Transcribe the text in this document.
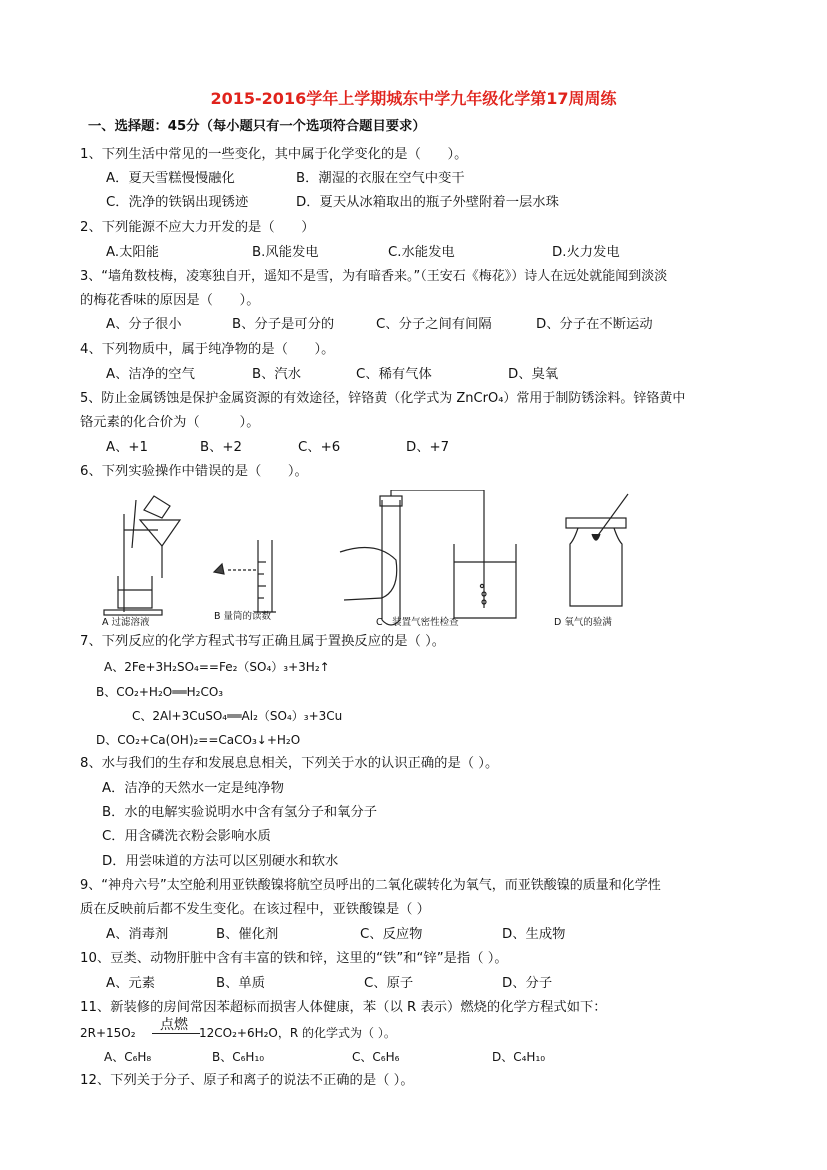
2015-2016学年上学期城东中学九年级化学第17周周练
一、选择题：45分（每小题只有一个选项符合题目要求）
1、下列生活中常见的一些变化，其中属于化学变化的是（　　）。
A．夏天雪糕慢慢融化	B．潮湿的衣服在空气中变干
C．洗净的铁锅出现锈迹	D．夏天从冰箱取出的瓶子外壁附着一层水珠
2、下列能源不应大力开发的是（　　）
A.太阳能	B.风能发电	C.水能发电	D.火力发电
3、“墙角数枝梅，凌寒独自开，遥知不是雪，为有暗香来。”（王安石《梅花》）诗人在远处就能闻到淡淡
的梅花香味的原因是（　　）。
A、分子很小	B、分子是可分的	C、分子之间有间隔	D、分子在不断运动
4、下列物质中，属于纯净物的是（　　）。
A、洁净的空气	B、汽水	C、稀有气体	D、臭氧
5、防止金属锈蚀是保护金属资源的有效途径，锌铬黄（化学式为 ZnCrO₄）常用于制防锈涂料。锌铬黄中
铬元素的化合价为（　　　）。
A、+1	B、+2	C、+6	D、+7
6、下列实验操作中错误的是（　　）。
A 过滤溶液
B 量筒的读数
C　装置气密性检查	D 氧气的验满
7、下列反应的化学方程式书写正确且属于置换反应的是（ ）。
A、2Fe+3H₂SO₄==Fe₂（SO₄）₃+3H₂↑
B、CO₂+H₂O══H₂CO₃
C、2Al+3CuSO₄══Al₂（SO₄）₃+3Cu
D、CO₂+Ca(OH)₂==CaCO₃↓+H₂O
8、水与我们的生存和发展息息相关，下列关于水的认识正确的是（ ）。
A．洁净的天然水一定是纯净物
B．水的电解实验说明水中含有氢分子和氧分子
C．用含磷洗衣粉会影响水质
D．用尝味道的方法可以区别硬水和软水
9、“神舟六号”太空舱利用亚铁酸镍将航空员呼出的二氧化碳转化为氧气，而亚铁酸镍的质量和化学性
质在反映前后都不发生变化。在该过程中，亚铁酸镍是（ ）
A、消毒剂	B、催化剂	C、反应物	D、生成物
10、豆类、动物肝脏中含有丰富的铁和锌，这里的“铁”和“锌”是指（ ）。
A、元素	B、单质	C、原子	D、分子
11、新装修的房间常因苯超标而损害人体健康，苯（以 R 表示）燃烧的化学方程式如下：
2R+15O₂ 点燃 12CO₂+6H₂O，R 的化学式为（ ）。
A、C₆H₈	B、C₆H₁₀	C、C₆H₆	D、C₄H₁₀
12、下列关于分子、原子和离子的说法不正确的是（ ）。
